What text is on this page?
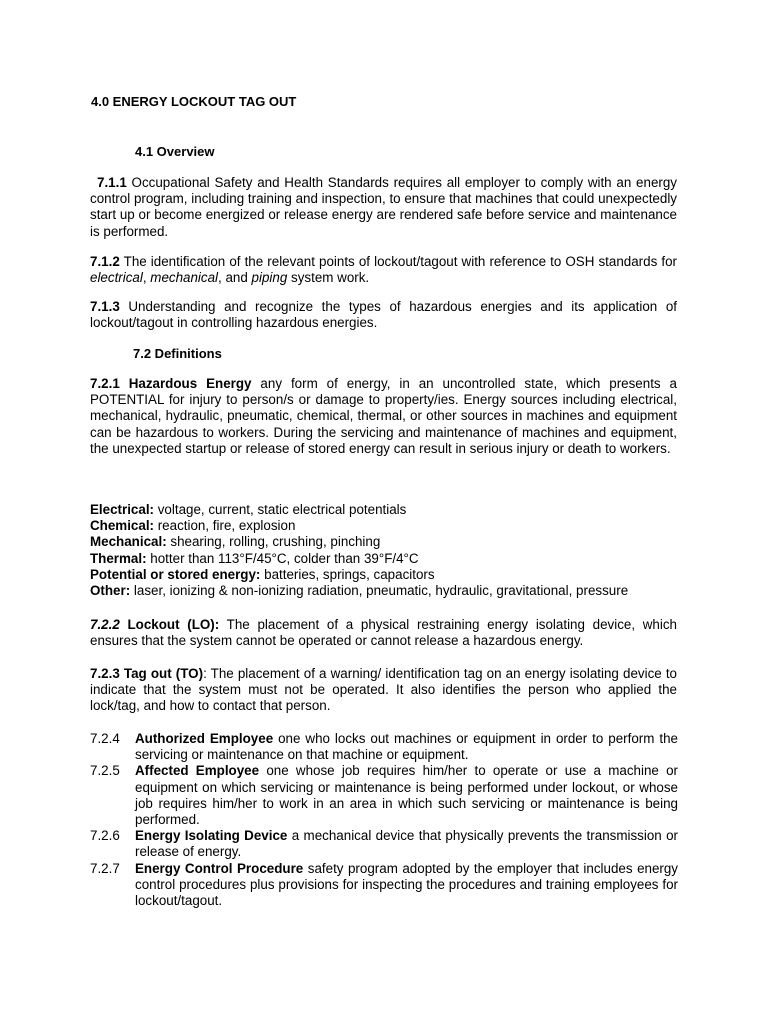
4.0 ENERGY LOCKOUT TAG OUT
4.1 Overview
7.1.1 Occupational Safety and Health Standards requires all employer to comply with an energy control program, including training and inspection, to ensure that machines that could unexpectedly start up or become energized or release energy are rendered safe before service and maintenance is performed.
7.1.2 The identification of the relevant points of lockout/tagout with reference to OSH standards for electrical, mechanical, and piping system work.
7.1.3 Understanding and recognize the types of hazardous energies and its application of lockout/tagout in controlling hazardous energies.
7.2 Definitions
7.2.1 Hazardous Energy any form of energy, in an uncontrolled state, which presents a POTENTIAL for injury to person/s or damage to property/ies. Energy sources including electrical, mechanical, hydraulic, pneumatic, chemical, thermal, or other sources in machines and equipment can be hazardous to workers. During the servicing and maintenance of machines and equipment, the unexpected startup or release of stored energy can result in serious injury or death to workers.
Electrical: voltage, current, static electrical potentials
Chemical: reaction, fire, explosion
Mechanical: shearing, rolling, crushing, pinching
Thermal: hotter than 113°F/45°C, colder than 39°F/4°C
Potential or stored energy: batteries, springs, capacitors
Other: laser, ionizing & non-ionizing radiation, pneumatic, hydraulic, gravitational, pressure
7.2.2 Lockout (LO): The placement of a physical restraining energy isolating device, which ensures that the system cannot be operated or cannot release a hazardous energy.
7.2.3 Tag out (TO): The placement of a warning/ identification tag on an energy isolating device to indicate that the system must not be operated. It also identifies the person who applied the lock/tag, and how to contact that person.
7.2.4	Authorized Employee one who locks out machines or equipment in order to perform the servicing or maintenance on that machine or equipment.
7.2.5	Affected Employee one whose job requires him/her to operate or use a machine or equipment on which servicing or maintenance is being performed under lockout, or whose job requires him/her to work in an area in which such servicing or maintenance is being performed.
7.2.6	Energy Isolating Device a mechanical device that physically prevents the transmission or release of energy.
7.2.7	Energy Control Procedure safety program adopted by the employer that includes energy control procedures plus provisions for inspecting the procedures and training employees for lockout/tagout.
